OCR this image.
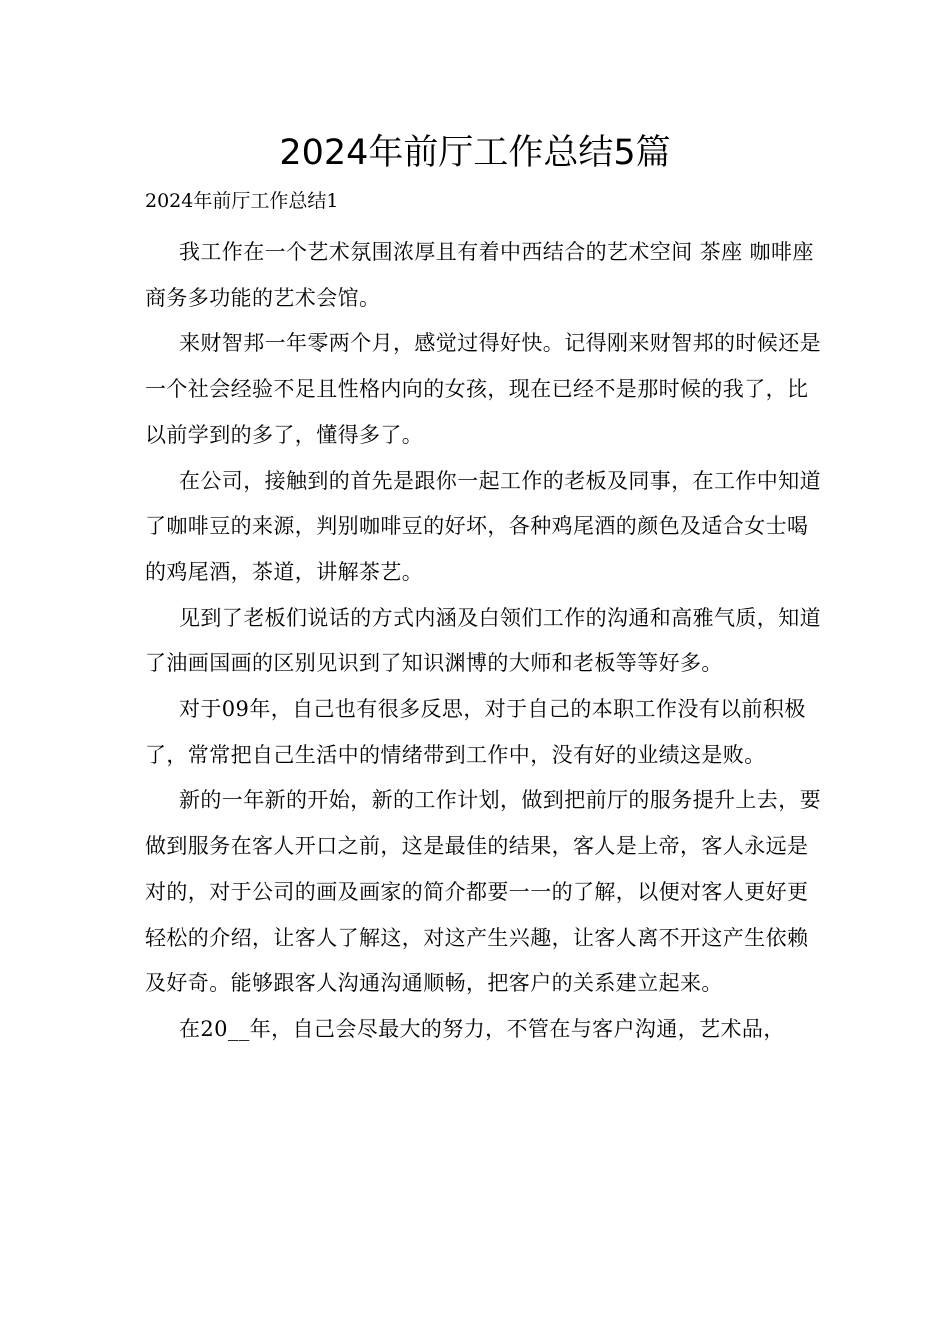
2024年前厅工作总结5篇
2024年前厅工作总结1

我工作在一个艺术氛围浓厚且有着中西结合的艺术空间 茶座 咖啡座 商务多功能的艺术会馆。

来财智邦一年零两个月，感觉过得好快。记得刚来财智邦的时候还是一个社会经验不足且性格内向的女孩，现在已经不是那时候的我了，比以前学到的多了，懂得多了。

在公司，接触到的首先是跟你一起工作的老板及同事，在工作中知道了咖啡豆的来源，判别咖啡豆的好坏，各种鸡尾酒的颜色及适合女士喝的鸡尾酒，茶道，讲解茶艺。

见到了老板们说话的方式内涵及白领们工作的沟通和高雅气质，知道了油画国画的区别见识到了知识渊博的大师和老板等等好多。

对于09年，自己也有很多反思，对于自己的本职工作没有以前积极了，常常把自己生活中的情绪带到工作中，没有好的业绩这是败。

新的一年新的开始，新的工作计划，做到把前厅的服务提升上去，要做到服务在客人开口之前，这是最佳的结果，客人是上帝，客人永远是对的，对于公司的画及画家的简介都要一一的了解，以便对客人更好更轻松的介绍，让客人了解这，对这产生兴趣，让客人离不开这产生依赖及好奇。能够跟客人沟通沟通顺畅，把客户的关系建立起来。

在20__年，自己会尽最大的努力，不管在与客户沟通，艺术品，
